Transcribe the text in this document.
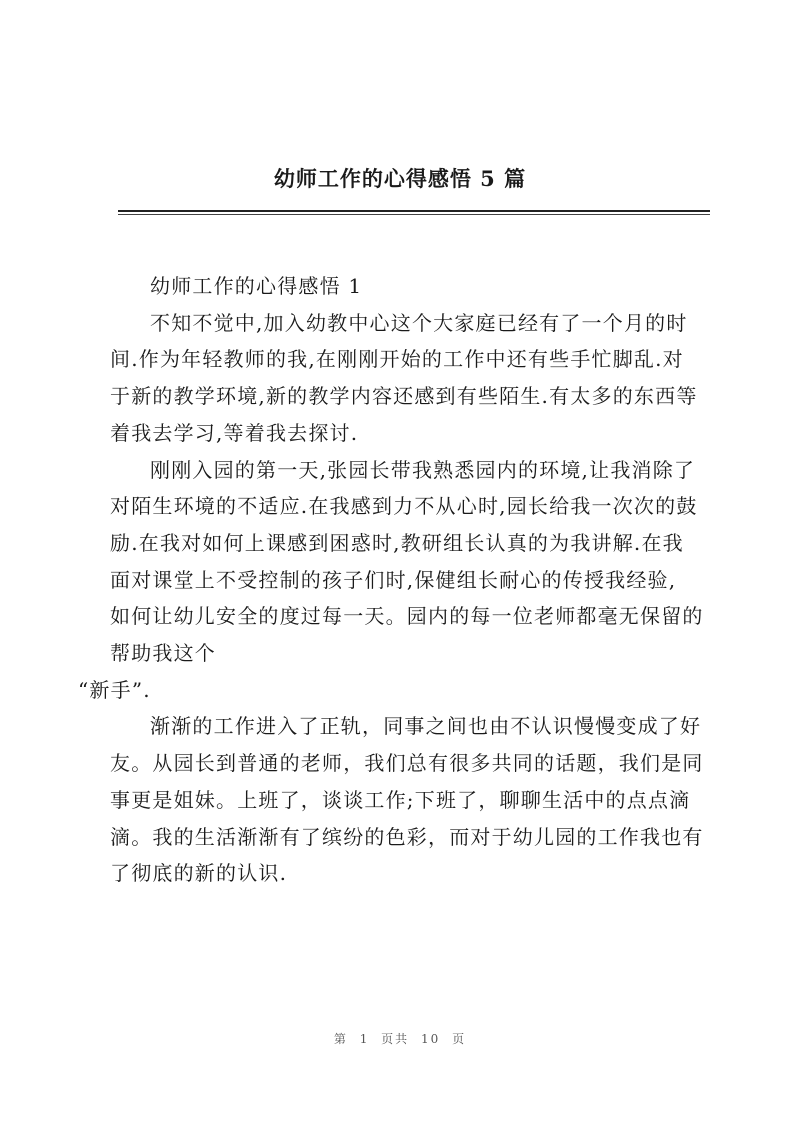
幼师工作的心得感悟 5 篇

幼师工作的心得感悟 1

不知不觉中,加入幼教中心这个大家庭已经有了一个月的时
间.作为年轻教师的我,在刚刚开始的工作中还有些手忙脚乱.对
于新的教学环境,新的教学内容还感到有些陌生.有太多的东西等
着我去学习,等着我去探讨.

刚刚入园的第一天,张园长带我熟悉园内的环境,让我消除了
对陌生环境的不适应.在我感到力不从心时,园长给我一次次的鼓
励.在我对如何上课感到困惑时,教研组长认真的为我讲解.在我
面对课堂上不受控制的孩子们时,保健组长耐心的传授我经验,
如何让幼儿安全的度过每一天。园内的每一位老师都毫无保留的
帮助我这个
“新手”.

渐渐的工作进入了正轨，同事之间也由不认识慢慢变成了好
友。从园长到普通的老师，我们总有很多共同的话题，我们是同
事更是姐妹。上班了，谈谈工作;下班了，聊聊生活中的点点滴
滴。我的生活渐渐有了缤纷的色彩，而对于幼儿园的工作我也有
了彻底的新的认识.

第 1 页共 10 页
